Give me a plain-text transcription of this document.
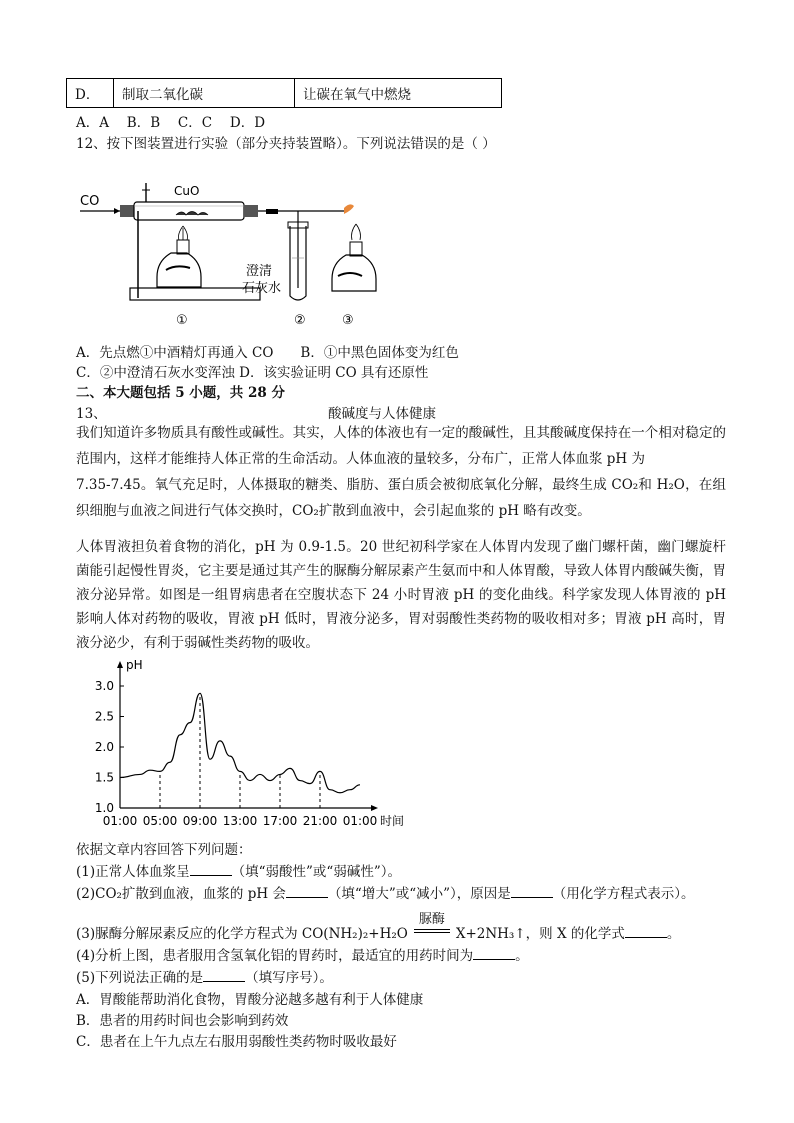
D．	制取二氧化碳	让碳在氧气中燃烧
A．A　 B．B　 C．C　 D．D
12、按下图装置进行实验（部分夹持装置略）。下列说法错误的是（ ）
CO
CuO
澄清
石灰水
①	②	③
A．先点燃①中酒精灯再通入 CO　　B．①中黑色固体变为红色
C．②中澄清石灰水变浑浊 D．该实验证明 CO 具有还原性
二、本大题包括 5 小题，共 28 分
13、	酸碱度与人体健康
我们知道许多物质具有酸性或碱性。其实，人体的体液也有一定的酸碱性，且其酸碱度保持在一个相对稳定的范围内，这样才能维持人体正常的生命活动。人体血液的量较多，分布广，正常人体血浆 pH 为
7.35-7.45。氧气充足时，人体摄取的糖类、脂肪、蛋白质会被彻底氧化分解，最终生成 CO₂和 H₂O，在组织细胞与血液之间进行气体交换时，CO₂扩散到血液中，会引起血浆的 pH 略有改变。
人体胃液担负着食物的消化，pH 为 0.9-1.5。20 世纪初科学家在人体胃内发现了幽门螺杆菌，幽门螺旋杆菌能引起慢性胃炎，它主要是通过其产生的脲酶分解尿素产生氨而中和人体胃酸，导致人体胃内酸碱失衡，胃液分泌异常。如图是一组胃病患者在空腹状态下 24 小时胃液 pH 的变化曲线。科学家发现人体胃液的 pH 影响人体对药物的吸收，胃液 pH 低时，胃液分泌多，胃对弱酸性类药物的吸收相对多；胃液 pH 高时，胃液分泌少，有利于弱碱性类药物的吸收。
pH
时间
1.0
1.5
2.0
2.5
3.0
01:00 05:00 09:00 13:00 17:00 21:00 01:00
依据文章内容回答下列问题：
(1)正常人体血浆呈	（填“弱酸性”或“弱碱性”）。
(2)CO₂扩散到血液，血浆的 pH 会	（填“增大”或“减小”），原因是	（用化学方程式表示）。
(3)脲酶分解尿素反应的化学方程式为 CO(NH₂)₂+H₂O
脲酶
X+2NH₃↑，则 X 的化学式	。
(4)分析上图，患者服用含氢氧化铝的胃药时，最适宜的用药时间为	。
(5)下列说法正确的是	（填写序号）。
A．胃酸能帮助消化食物，胃酸分泌越多越有利于人体健康
B．患者的用药时间也会影响到药效
C．患者在上午九点左右服用弱酸性类药物时吸收最好
